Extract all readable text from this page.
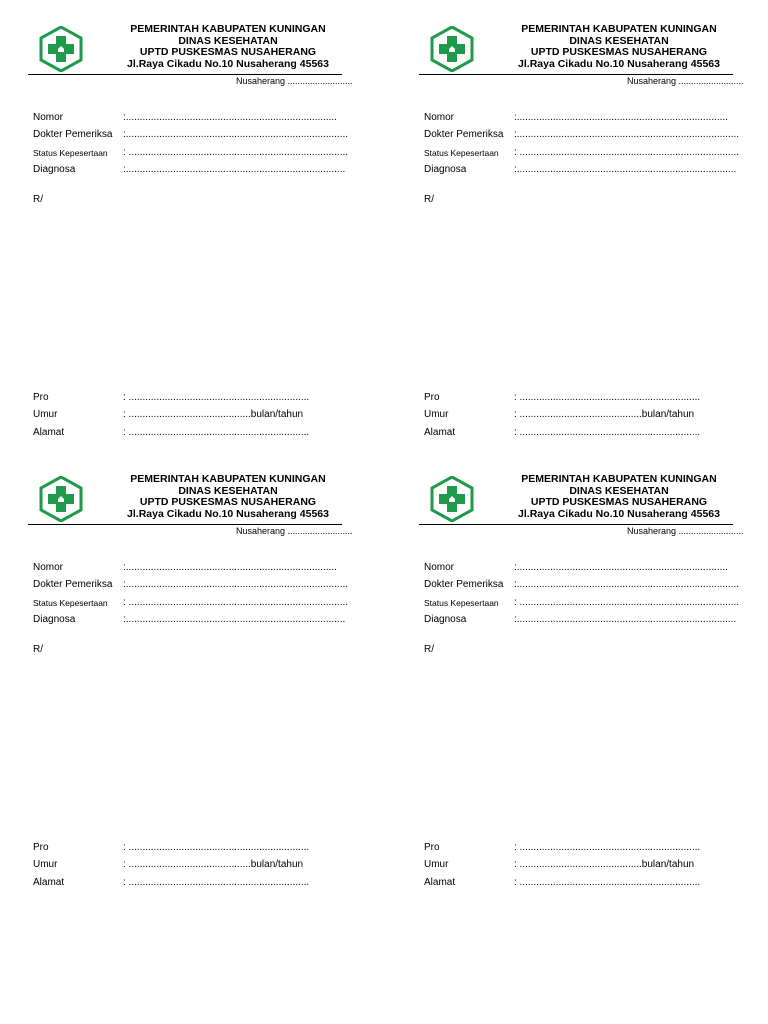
PEMERINTAH KABUPATEN KUNINGAN
DINAS KESEHATAN
UPTD PUSKESMAS NUSAHERANG
Jl.Raya Cikadu No.10 Nusaherang 45563
Nusaherang ..........................
Nomor	:............................................................................
Dokter Pemeriksa :................................................................................
Status Kepesertaan : ...............................................................................
Diagnosa	:...............................................................................
R/
Pro	: .................................................................
Umur	: ............................................bulan/tahun
Alamat	: .................................................................
PEMERINTAH KABUPATEN KUNINGAN
DINAS KESEHATAN
UPTD PUSKESMAS NUSAHERANG
Jl.Raya Cikadu No.10 Nusaherang 45563
Nusaherang ..........................
Nomor	:............................................................................
Dokter Pemeriksa :................................................................................
Status Kepesertaan : ...............................................................................
Diagnosa	:...............................................................................
R/
Pro	: .................................................................
Umur	: ............................................bulan/tahun
Alamat	: .................................................................
PEMERINTAH KABUPATEN KUNINGAN
DINAS KESEHATAN
UPTD PUSKESMAS NUSAHERANG
Jl.Raya Cikadu No.10 Nusaherang 45563
Nusaherang ..........................
Nomor	:............................................................................
Dokter Pemeriksa :................................................................................
Status Kepesertaan : ...............................................................................
Diagnosa	:...............................................................................
R/
Pro	: .................................................................
Umur	: ............................................bulan/tahun
Alamat	: .................................................................
PEMERINTAH KABUPATEN KUNINGAN
DINAS KESEHATAN
UPTD PUSKESMAS NUSAHERANG
Jl.Raya Cikadu No.10 Nusaherang 45563
Nusaherang ..........................
Nomor	:............................................................................
Dokter Pemeriksa :................................................................................
Status Kepesertaan : ...............................................................................
Diagnosa	:...............................................................................
R/
Pro	: .................................................................
Umur	: ............................................bulan/tahun
Alamat	: .................................................................
